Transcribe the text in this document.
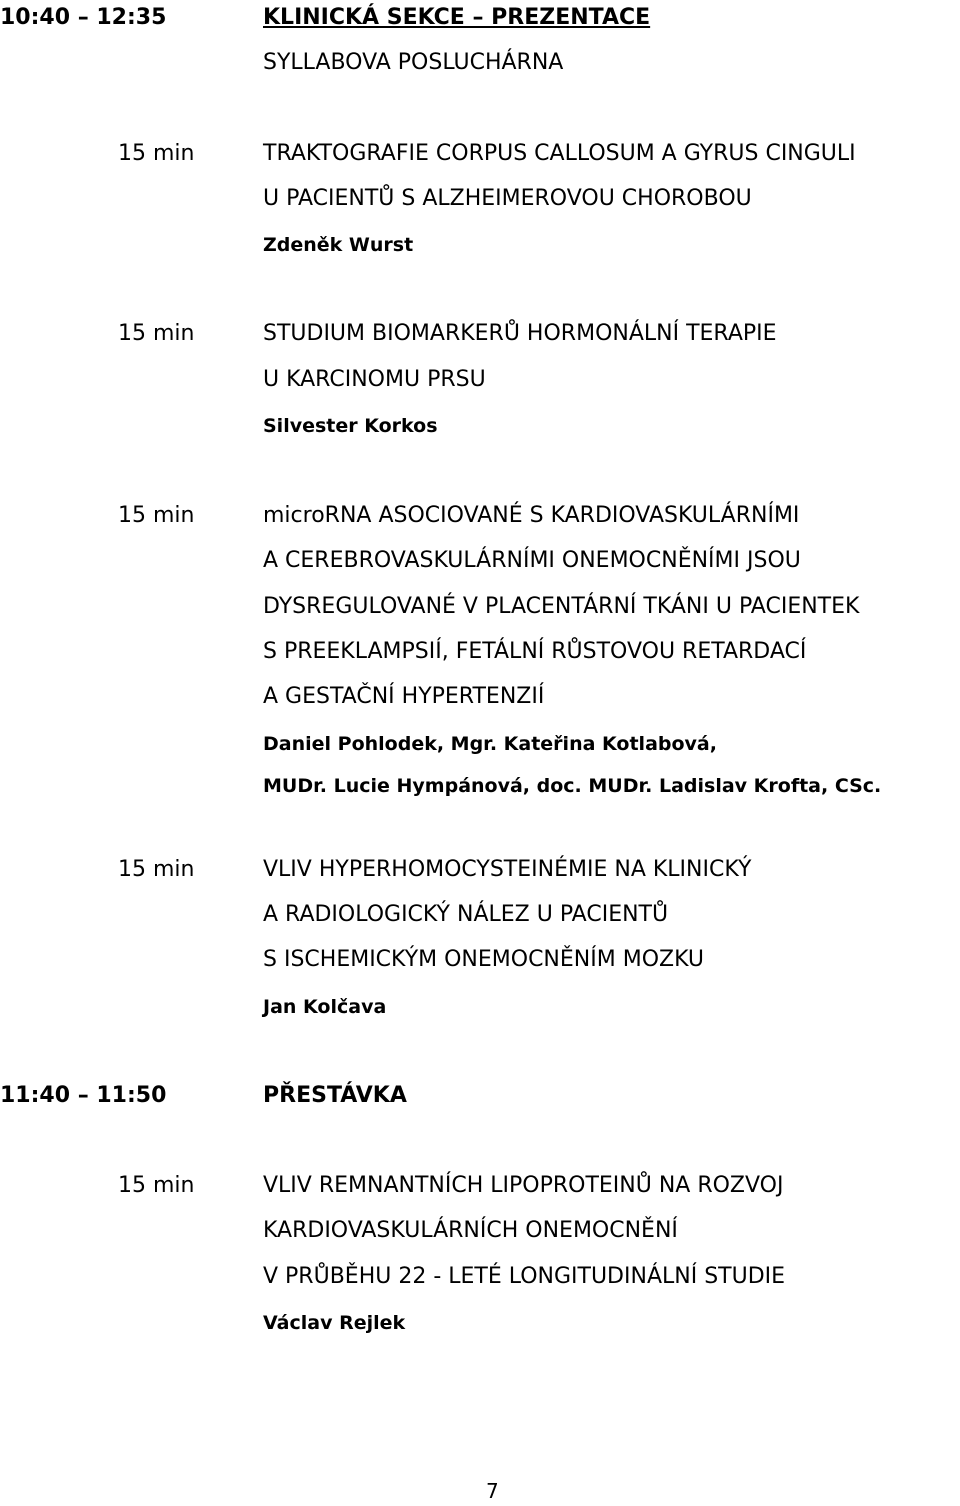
10:40 – 12:35	KLINICKÁ SEKCE – PREZENTACE
SYLLABOVA POSLUCHÁRNA
15 min	TRAKTOGRAFIE CORPUS CALLOSUM A GYRUS CINGULI
U PACIENTŮ S ALZHEIMEROVOU CHOROBOU
Zdeněk Wurst
15 min	STUDIUM BIOMARKERŮ HORMONÁLNÍ TERAPIE
U KARCINOMU PRSU
Silvester Korkos
15 min	microRNA ASOCIOVANÉ S KARDIOVASKULÁRNÍMI
A CEREBROVASKULÁRNÍMI ONEMOCNĚNÍMI JSOU
DYSREGULOVANÉ V PLACENTÁRNÍ TKÁNI U PACIENTEK
S PREEKLAMPSIÍ, FETÁLNÍ RŮSTOVOU RETARDACÍ
A GESTAČNÍ HYPERTENZIÍ
Daniel Pohlodek, Mgr. Kateřina Kotlabová,
MUDr. Lucie Hympánová, doc. MUDr. Ladislav Krofta, CSc.
15 min	VLIV HYPERHOMOCYSTEINÉMIE NA KLINICKÝ
A RADIOLOGICKÝ NÁLEZ U PACIENTŮ
S ISCHEMICKÝM ONEMOCNĚNÍM MOZKU
Jan Kolčava
11:40 – 11:50	PŘESTÁVKA
15 min	VLIV REMNANTNÍCH LIPOPROTEINŮ NA ROZVOJ
KARDIOVASKULÁRNÍCH ONEMOCNĚNÍ
V PRŮBĚHU 22 - LETÉ LONGITUDINÁLNÍ STUDIE
Václav Rejlek
7
